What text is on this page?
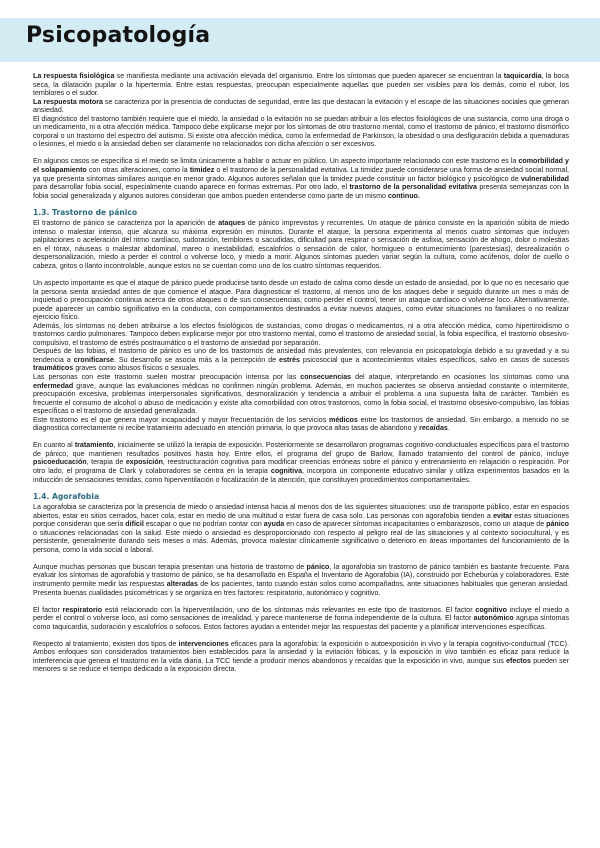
Psicopatología

La respuesta fisiológica se manifiesta mediante una activación elevada del organismo. Entre los síntomas que pueden aparecer se encuentran la taquicardia, la boca seca, la dilatación pupilar o la hipertermia. Entre estas respuestas, preocupan especialmente aquellas que pueden ser visibles para los demás, como el rubor, los temblores o el sudor.

La respuesta motora se caracteriza por la presencia de conductas de seguridad, entre las que destacan la evitación y el escape de las situaciones sociales que generan ansiedad.

El diagnóstico del trastorno también requiere que el miedo, la ansiedad o la evitación no se puedan atribuir a los efectos fisiológicos de una sustancia, como una droga o un medicamento, ni a otra afección médica. Tampoco debe explicarse mejor por los síntomas de otro trastorno mental, como el trastorno de pánico, el trastorno dismórfico corporal o un trastorno del espectro del autismo. Si existe otra afección médica, como la enfermedad de Parkinson, la obesidad o una desfiguración debida a quemaduras o lesiones, el miedo o la ansiedad deben ser claramente no relacionados con dicha afección o ser excesivos.

En algunos casos se especifica si el miedo se limita únicamente a hablar o actuar en público. Un aspecto importante relacionado con este trastorno es la comorbilidad y el solapamiento con otras alteraciones, como la timidez o el trastorno de la personalidad evitativa. La timidez puede considerarse una forma de ansiedad social normal, ya que presenta síntomas similares aunque en menor grado. Algunos autores señalan que la timidez puede constituir un factor biológico y psicológico de vulnerabilidad para desarrollar fobia social, especialmente cuando aparece en formas extremas. Por otro lado, el trastorno de la personalidad evitativa presenta semejanzas con la fobia social generalizada y algunos autores consideran que ambos pueden entenderse como parte de un mismo continuo.

1.3. Trastorno de pánico

El trastorno de pánico se caracteriza por la aparición de ataques de pánico imprevistos y recurrentes. Un ataque de pánico consiste en la aparición súbita de miedo intenso o malestar intenso, que alcanza su máxima expresión en minutos. Durante el ataque, la persona experimenta al menos cuatro síntomas que incluyen palpitaciones o aceleración del ritmo cardíaco, sudoración, temblores o sacudidas, dificultad para respirar o sensación de asfixia, sensación de ahogo, dolor o molestias en el tórax, náuseas o malestar abdominal, mareo o inestabilidad, escalofríos o sensación de calor, hormigueo o entumecimiento (parestesias), desrealización o despersonalización, miedo a perder el control o volverse loco, y miedo a morir. Algunos síntomas pueden variar según la cultura, como acúfenos, dolor de cuello o cabeza, gritos o llanto incontrolable, aunque estos no se cuentan como uno de los cuatro síntomas requeridos.

Un aspecto importante es que el ataque de pánico puede producirse tanto desde un estado de calma como desde un estado de ansiedad, por lo que no es necesario que la persona sienta ansiedad antes de que comience el ataque. Para diagnosticar el trastorno, al menos uno de los ataques debe ir seguido durante un mes o más de inquietud o preocupación continua acerca de otros ataques o de sus consecuencias, como perder el control, tener un ataque cardíaco o volverse loco. Alternativamente, puede aparecer un cambio significativo en la conducta, con comportamientos destinados a evitar nuevos ataques, como evitar situaciones no familiares o no realizar ejercicio físico.

Además, los síntomas no deben atribuirse a los efectos fisiológicos de sustancias, como drogas o medicamentos, ni a otra afección médica, como hipertiroidismo o trastornos cardio pulmonares. Tampoco deben explicarse mejor por otro trastorno mental, como el trastorno de ansiedad social, la fobia específica, el trastorno obsesivo-compulsivo, el trastorno de estrés postraumático o el trastorno de ansiedad por separación.

Después de las fobias, el trastorno de pánico es uno de los trastornos de ansiedad más prevalentes, con relevancia en psicopatología debido a su gravedad y a su tendencia a cronificarse. Su desarrollo se asocia más a la percepción de estrés psicosocial que a acontecimientos vitales específicos, salvo en casos de sucesos traumáticos graves como abusos físicos o sexuales.

Las personas con este trastorno suelen mostrar preocupación intensa por las consecuencias del ataque, interpretando en ocasiones los síntomas como una enfermedad grave, aunque las evaluaciones médicas no confirmen ningún problema. Además, en muchos pacientes se observa ansiedad constante o intermitente, preocupación excesiva, problemas interpersonales significativos, desmoralización y tendencia a atribuir el problema a una supuesta falta de carácter. También es frecuente el consumo de alcohol o abuso de medicación y existe alta comorbilidad con otros trastornos, como la fobia social, el trastorno obsesivo-compulsivo, las fobias específicas o el trastorno de ansiedad generalizada.

Este trastorno es el que genera mayor incapacidad y mayor frecuentación de los servicios médicos entre los trastornos de ansiedad. Sin embargo, a menudo no se diagnostica correctamente ni recibe tratamiento adecuado en atención primaria, lo que provoca altas tasas de abandono y recaídas.

En cuanto al tratamiento, inicialmente se utilizó la terapia de exposición. Posteriormente se desarrollaron programas cognitivo-conductuales específicos para el trastorno de pánico, que mantienen resultados positivos hasta hoy. Entre ellos, el programa del grupo de Barlow, llamado tratamiento del control de pánico, incluye psicoeducación, terapia de exposición, reestructuración cognitiva para modificar creencias erróneas sobre el pánico y entrenamiento en relajación o respiración. Por otro lado, el programa de Clark y colaboradores se centra en la terapia cognitiva, incorpora un componente educativo similar y utiliza experimentos basados en la inducción de sensaciones temidas, como hiperventilación o focalización de la atención, que constituyen procedimientos comportamentales.

1.4. Agorafobia

La agorafobia se caracteriza por la presencia de miedo o ansiedad intensa hacia al menos dos de las siguientes situaciones: uso de transporte público, estar en espacios abiertos, estar en sitios cerrados, hacer cola, estar en medio de una multitud o estar fuera de casa solo. Las personas con agorafobia tienden a evitar estas situaciones porque consideran que sería difícil escapar o que no podrían contar con ayuda en caso de aparecer síntomas incapacitantes o embarazosos, como un ataque de pánico o situaciones relacionadas con la salud. Este miedo o ansiedad es desproporcionado con respecto al peligro real de las situaciones y al contexto sociocultural, y es persistente, generalmente durando seis meses o más. Además, provoca malestar clínicamente significativo o deterioro en áreas importantes del funcionamiento de la persona, como la vida social o laboral.

Aunque muchas personas que buscan terapia presentan una historia de trastorno de pánico, la agorafobia sin trastorno de pánico también es bastante frecuente. Para evaluar los síntomas de agorafobia y trastorno de pánico, se ha desarrollado en España el Inventario de Agorafobia (IA), construido por Echeburúa y colaboradores. Este instrumento permite medir las respuestas alteradas de los pacientes, tanto cuando están solos como acompañados, ante situaciones habituales que generan ansiedad. Presenta buenas cualidades psicométricas y se organiza en tres factores: respiratorio, autonómico y cognitivo.

El factor respiratorio está relacionado con la hiperventilación, uno de los síntomas más relevantes en este tipo de trastornos. El factor cognitivo incluye el miedo a perder el control o volverse loco, así como sensaciones de irrealidad, y parece mantenerse de forma independiente de la cultura. El factor autonómico agrupa síntomas como taquicardia, sudoración y escalofríos o sofocos. Estos factores ayudan a entender mejor las respuestas del paciente y a planificar intervenciones específicas.

Respecto al tratamiento, existen dos tipos de intervenciones eficaces para la agorafobia: la exposición o autoexposición in vivo y la terapia cognitivo-conductual (TCC). Ambos enfoques son considerados tratamientos bien establecidos para la ansiedad y la evitación fóbicas, y la exposición in vivo también es eficaz para reducir la interferencia que genera el trastorno en la vida diaria. La TCC tiende a producir menos abandonos y recaídas que la exposición in vivo, aunque sus efectos pueden ser menores si se reduce el tiempo dedicado a la exposición directa.
